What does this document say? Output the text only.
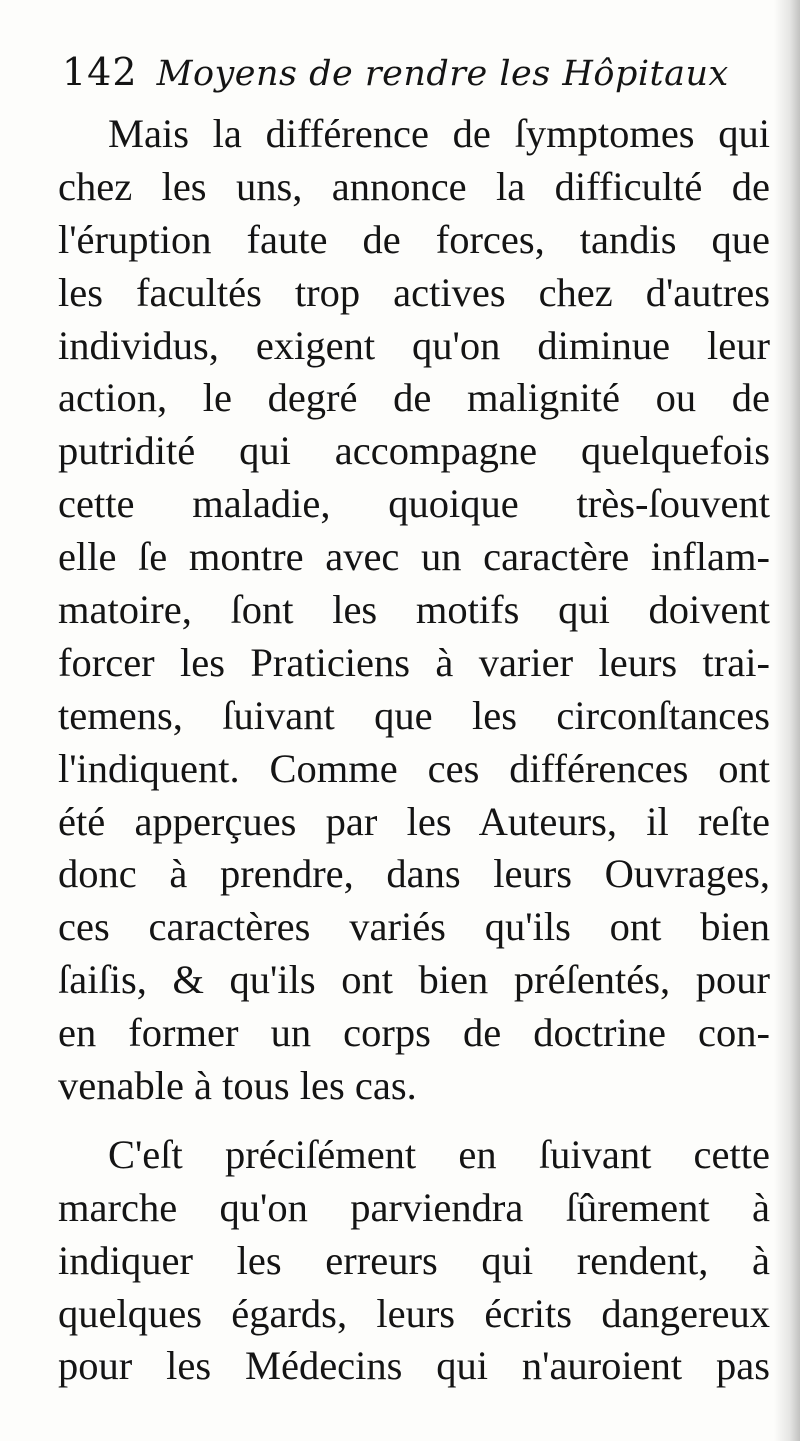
142 Moyens de rendre les Hôpitaux
Mais la différence de ſymptomes qui
chez les uns, annonce la difficulté de
l'éruption faute de forces, tandis que
les facultés trop actives chez d'autres
individus, exigent qu'on diminue leur
action, le degré de malignité ou de
putridité qui accompagne quelquefois
cette maladie, quoique très-ſouvent
elle ſe montre avec un caractère inflam-
matoire, ſont les motifs qui doivent
forcer les Praticiens à varier leurs trai-
temens, ſuivant que les circonſtances
l'indiquent. Comme ces différences ont
été apperçues par les Auteurs, il reſte
donc à prendre, dans leurs Ouvrages,
ces caractères variés qu'ils ont bien
ſaiſis, & qu'ils ont bien préſentés, pour
en former un corps de doctrine con-
venable à tous les cas.
C'eſt préciſément en ſuivant cette
marche qu'on parviendra ſûrement à
indiquer les erreurs qui rendent, à
quelques égards, leurs écrits dangereux
pour les Médecins qui n'auroient pas
